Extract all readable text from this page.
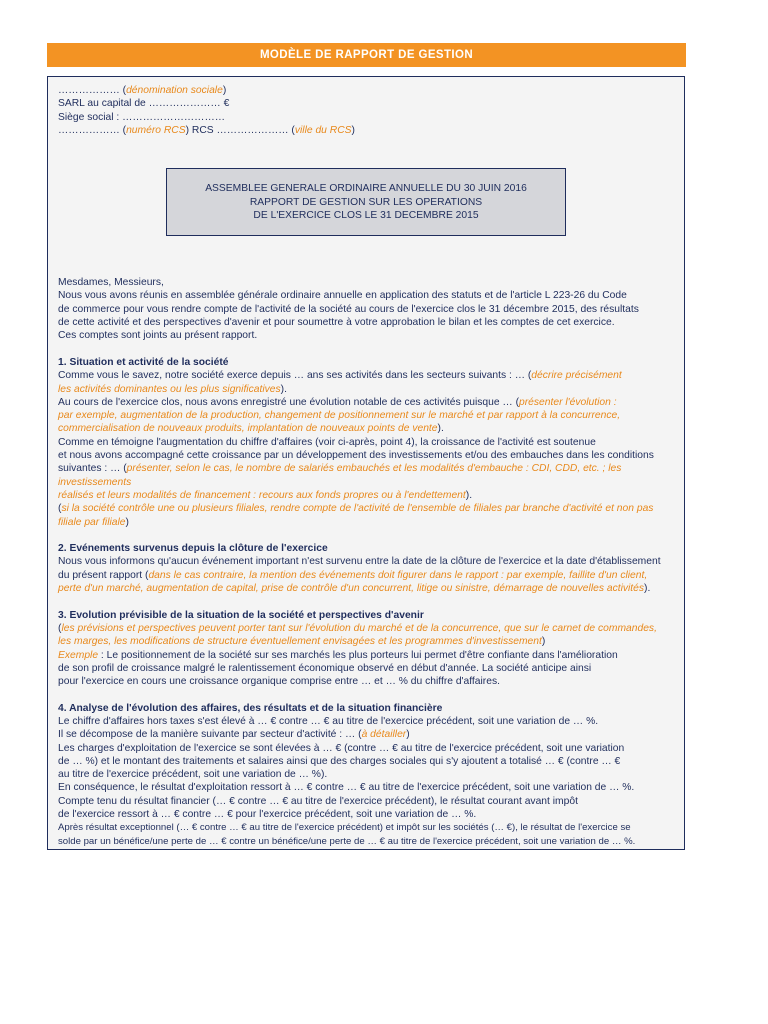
MODÈLE DE RAPPORT DE GESTION

……………… (dénomination sociale)

SARL au capital de ………………… €

Siège social : …………………………

……………… (numéro RCS) RCS ………………… (ville du RCS)

ASSEMBLEE GENERALE ORDINAIRE ANNUELLE DU 30 JUIN 2016
RAPPORT DE GESTION SUR LES OPERATIONS
DE L'EXERCICE CLOS LE 31 DECEMBRE 2015

Mesdames, Messieurs,

Nous vous avons réunis en assemblée générale ordinaire annuelle en application des statuts et de l'article L 223-26 du Code

de commerce pour vous rendre compte de l'activité de la société au cours de l'exercice clos le 31 décembre 2015, des résultats

de cette activité et des perspectives d'avenir et pour soumettre à votre approbation le bilan et les comptes de cet exercice.

Ces comptes sont joints au présent rapport.

1. Situation et activité de la société

Comme vous le savez, notre société exerce depuis … ans ses activités dans les secteurs suivants : … (décrire précisément

les activités dominantes ou les plus significatives).

Au cours de l'exercice clos, nous avons enregistré une évolution notable de ces activités puisque … (présenter l'évolution :

par exemple, augmentation de la production, changement de positionnement sur le marché et par rapport à la concurrence,

commercialisation de nouveaux produits, implantation de nouveaux points de vente).

Comme en témoigne l'augmentation du chiffre d'affaires (voir ci-après, point 4), la croissance de l'activité est soutenue

et nous avons accompagné cette croissance par un développement des investissements et/ou des embauches dans les conditions

suivantes : … (présenter, selon le cas, le nombre de salariés embauchés et les modalités d'embauche : CDI, CDD, etc. ; les investissements

réalisés et leurs modalités de financement : recours aux fonds propres ou à l'endettement).

(si la société contrôle une ou plusieurs filiales, rendre compte de l'activité de l'ensemble de filiales par branche d'activité et non pas

filiale par filiale)

2. Evénements survenus depuis la clôture de l'exercice

Nous vous informons qu'aucun événement important n'est survenu entre la date de la clôture de l'exercice et la date d'établissement

du présent rapport (dans le cas contraire, la mention des événements doit figurer dans le rapport : par exemple, faillite d'un client,

perte d'un marché, augmentation de capital, prise de contrôle d'un concurrent, litige ou sinistre, démarrage de nouvelles activités).

3. Evolution prévisible de la situation de la société et perspectives d'avenir

(les prévisions et perspectives peuvent porter tant sur l'évolution du marché et de la concurrence, que sur le carnet de commandes,

les marges, les modifications de structure éventuellement envisagées et les programmes d'investissement)

Exemple : Le positionnement de la société sur ses marchés les plus porteurs lui permet d'être confiante dans l'amélioration

de son profil de croissance malgré le ralentissement économique observé en début d'année. La société anticipe ainsi

pour l'exercice en cours une croissance organique comprise entre … et … % du chiffre d'affaires.

4. Analyse de l'évolution des affaires, des résultats et de la situation financière

Le chiffre d'affaires hors taxes s'est élevé à … € contre … € au titre de l'exercice précédent, soit une variation de … %.

Il se décompose de la manière suivante par secteur d'activité : … (à détailler)

Les charges d'exploitation de l'exercice se sont élevées à … € (contre … € au titre de l'exercice précédent, soit une variation

de … %) et le montant des traitements et salaires ainsi que des charges sociales qui s'y ajoutent a totalisé … € (contre … €

au titre de l'exercice précédent, soit une variation de … %).

En conséquence, le résultat d'exploitation ressort à … € contre … € au titre de l'exercice précédent, soit une variation de … %.

Compte tenu du résultat financier (… € contre … € au titre de l'exercice précédent), le résultat courant avant impôt

de l'exercice ressort à … € contre … € pour l'exercice précédent, soit une variation de … %.

Après résultat exceptionnel (… € contre … € au titre de l'exercice précédent) et impôt sur les sociétés (… €), le résultat de l'exercice se

solde par un bénéfice/une perte de … € contre un bénéfice/une perte de … € au titre de l'exercice précédent, soit une variation de … %.
